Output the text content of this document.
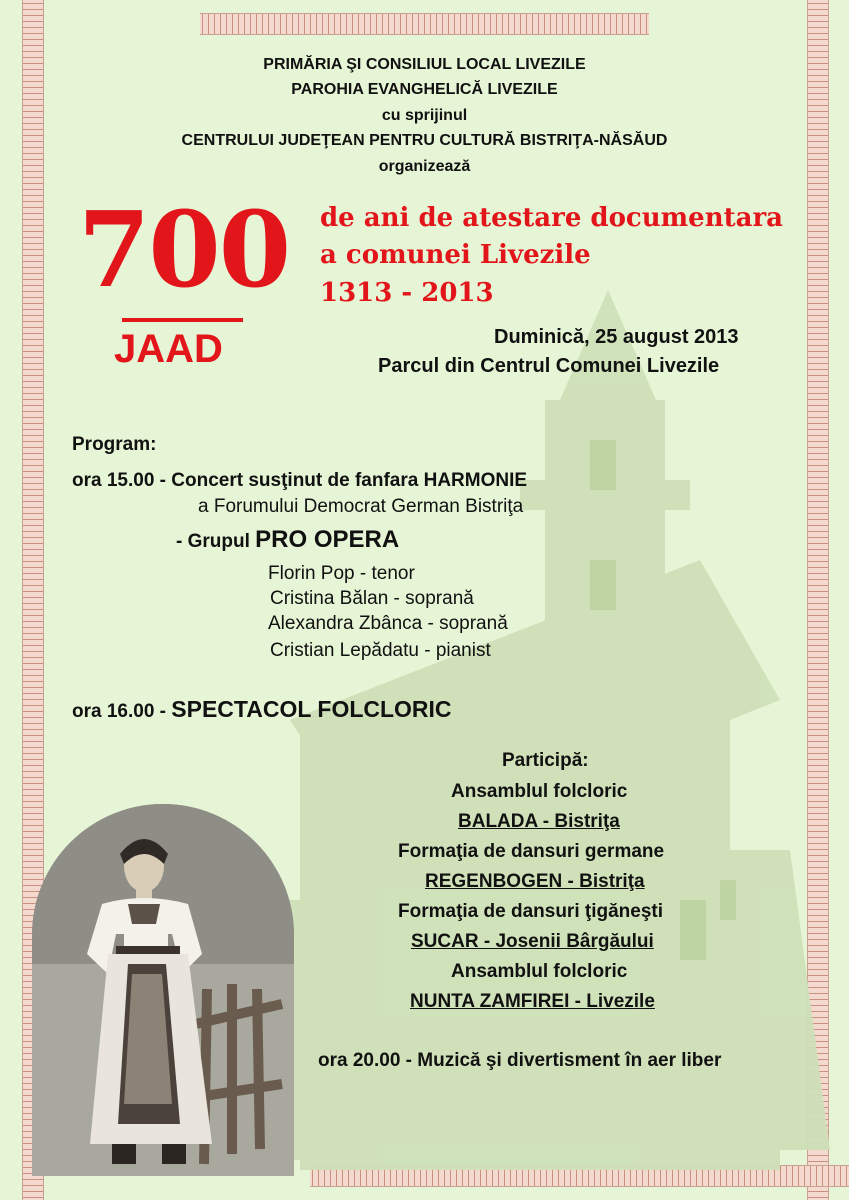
PRIMĂRIA ŞI CONSILIUL LOCAL LIVEZILE
PAROHIA EVANGHELICĂ LIVEZILE
cu sprijinul
CENTRULUI JUDEŢEAN PENTRU CULTURĂ BISTRIŢA-NĂSĂUD
organizează
700
JAAD
de ani de atestare documentara
a comunei Livezile
1313 - 2013
Duminică, 25 august 2013
Parcul din Centrul Comunei Livezile
Program:
ora 15.00 - Concert susţinut de fanfara HARMONIE
a Forumului Democrat German Bistriţa
- Grupul PRO OPERA
Florin Pop - tenor
Cristina Bălan - soprană
Alexandra Zbânca - soprană
Cristian Lepădatu - pianist
ora 16.00 - SPECTACOL FOLCLORIC
Participă:
Ansamblul folcloric
BALADA - Bistriţa
Formaţia de dansuri germane
REGENBOGEN - Bistriţa
Formaţia de dansuri ţigăneşti
SUCAR - Josenii Bârgăului
Ansamblul folcloric
NUNTA ZAMFIREI - Livezile
ora 20.00 - Muzică şi divertisment în aer liber
